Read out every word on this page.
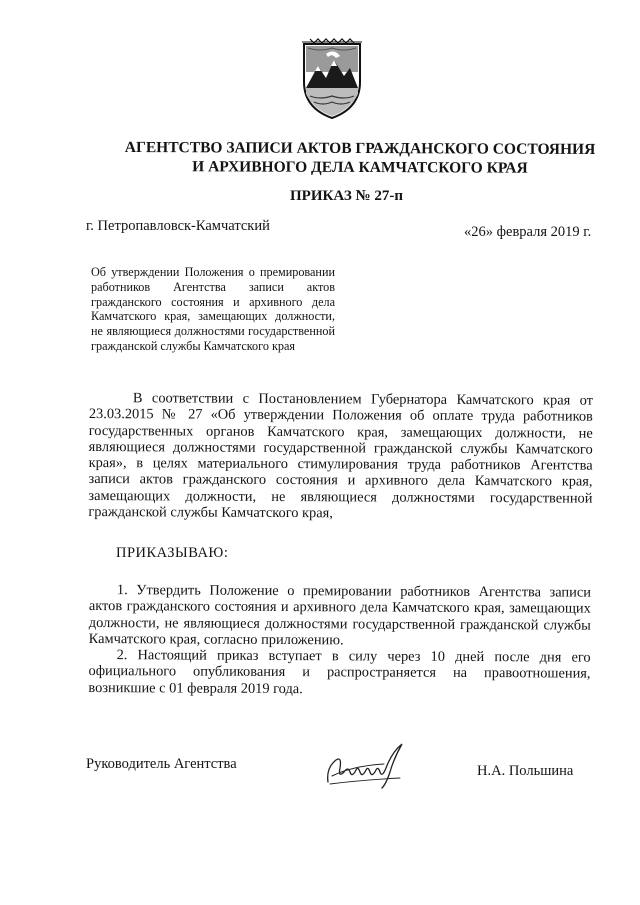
АГЕНТСТВО ЗАПИСИ АКТОВ ГРАЖДАНСКОГО СОСТОЯНИЯ
И АРХИВНОГО ДЕЛА КАМЧАТСКОГО КРАЯ
ПРИКАЗ № 27-п
г. Петропавловск-Камчатский	«26» февраля 2019 г.
Об утверждении Положения о премировании работников Агентства записи актов гражданского состояния и архивного дела Камчатского края, замещающих должности, не являющиеся должностями государственной гражданской службы Камчатского края
В соответствии с Постановлением Губернатора Камчатского края от 23.03.2015 № 27 «Об утверждении Положения об оплате труда работников государственных органов Камчатского края, замещающих должности, не являющиеся должностями государственной гражданской службы Камчатского края», в целях материального стимулирования труда работников Агентства записи актов гражданского состояния и архивного дела Камчатского края, замещающих должности, не являющиеся должностями государственной гражданской службы Камчатского края,
ПРИКАЗЫВАЮ:

1. Утвердить Положение о премировании работников Агентства записи актов гражданского состояния и архивного дела Камчатского края, замещающих должности, не являющиеся должностями государственной гражданской службы Камчатского края, согласно приложению.

2. Настоящий приказ вступает в силу через 10 дней после дня его официального опубликования и распространяется на правоотношения, возникшие с 01 февраля 2019 года.

Руководитель Агентства	Н.А. Польшина
